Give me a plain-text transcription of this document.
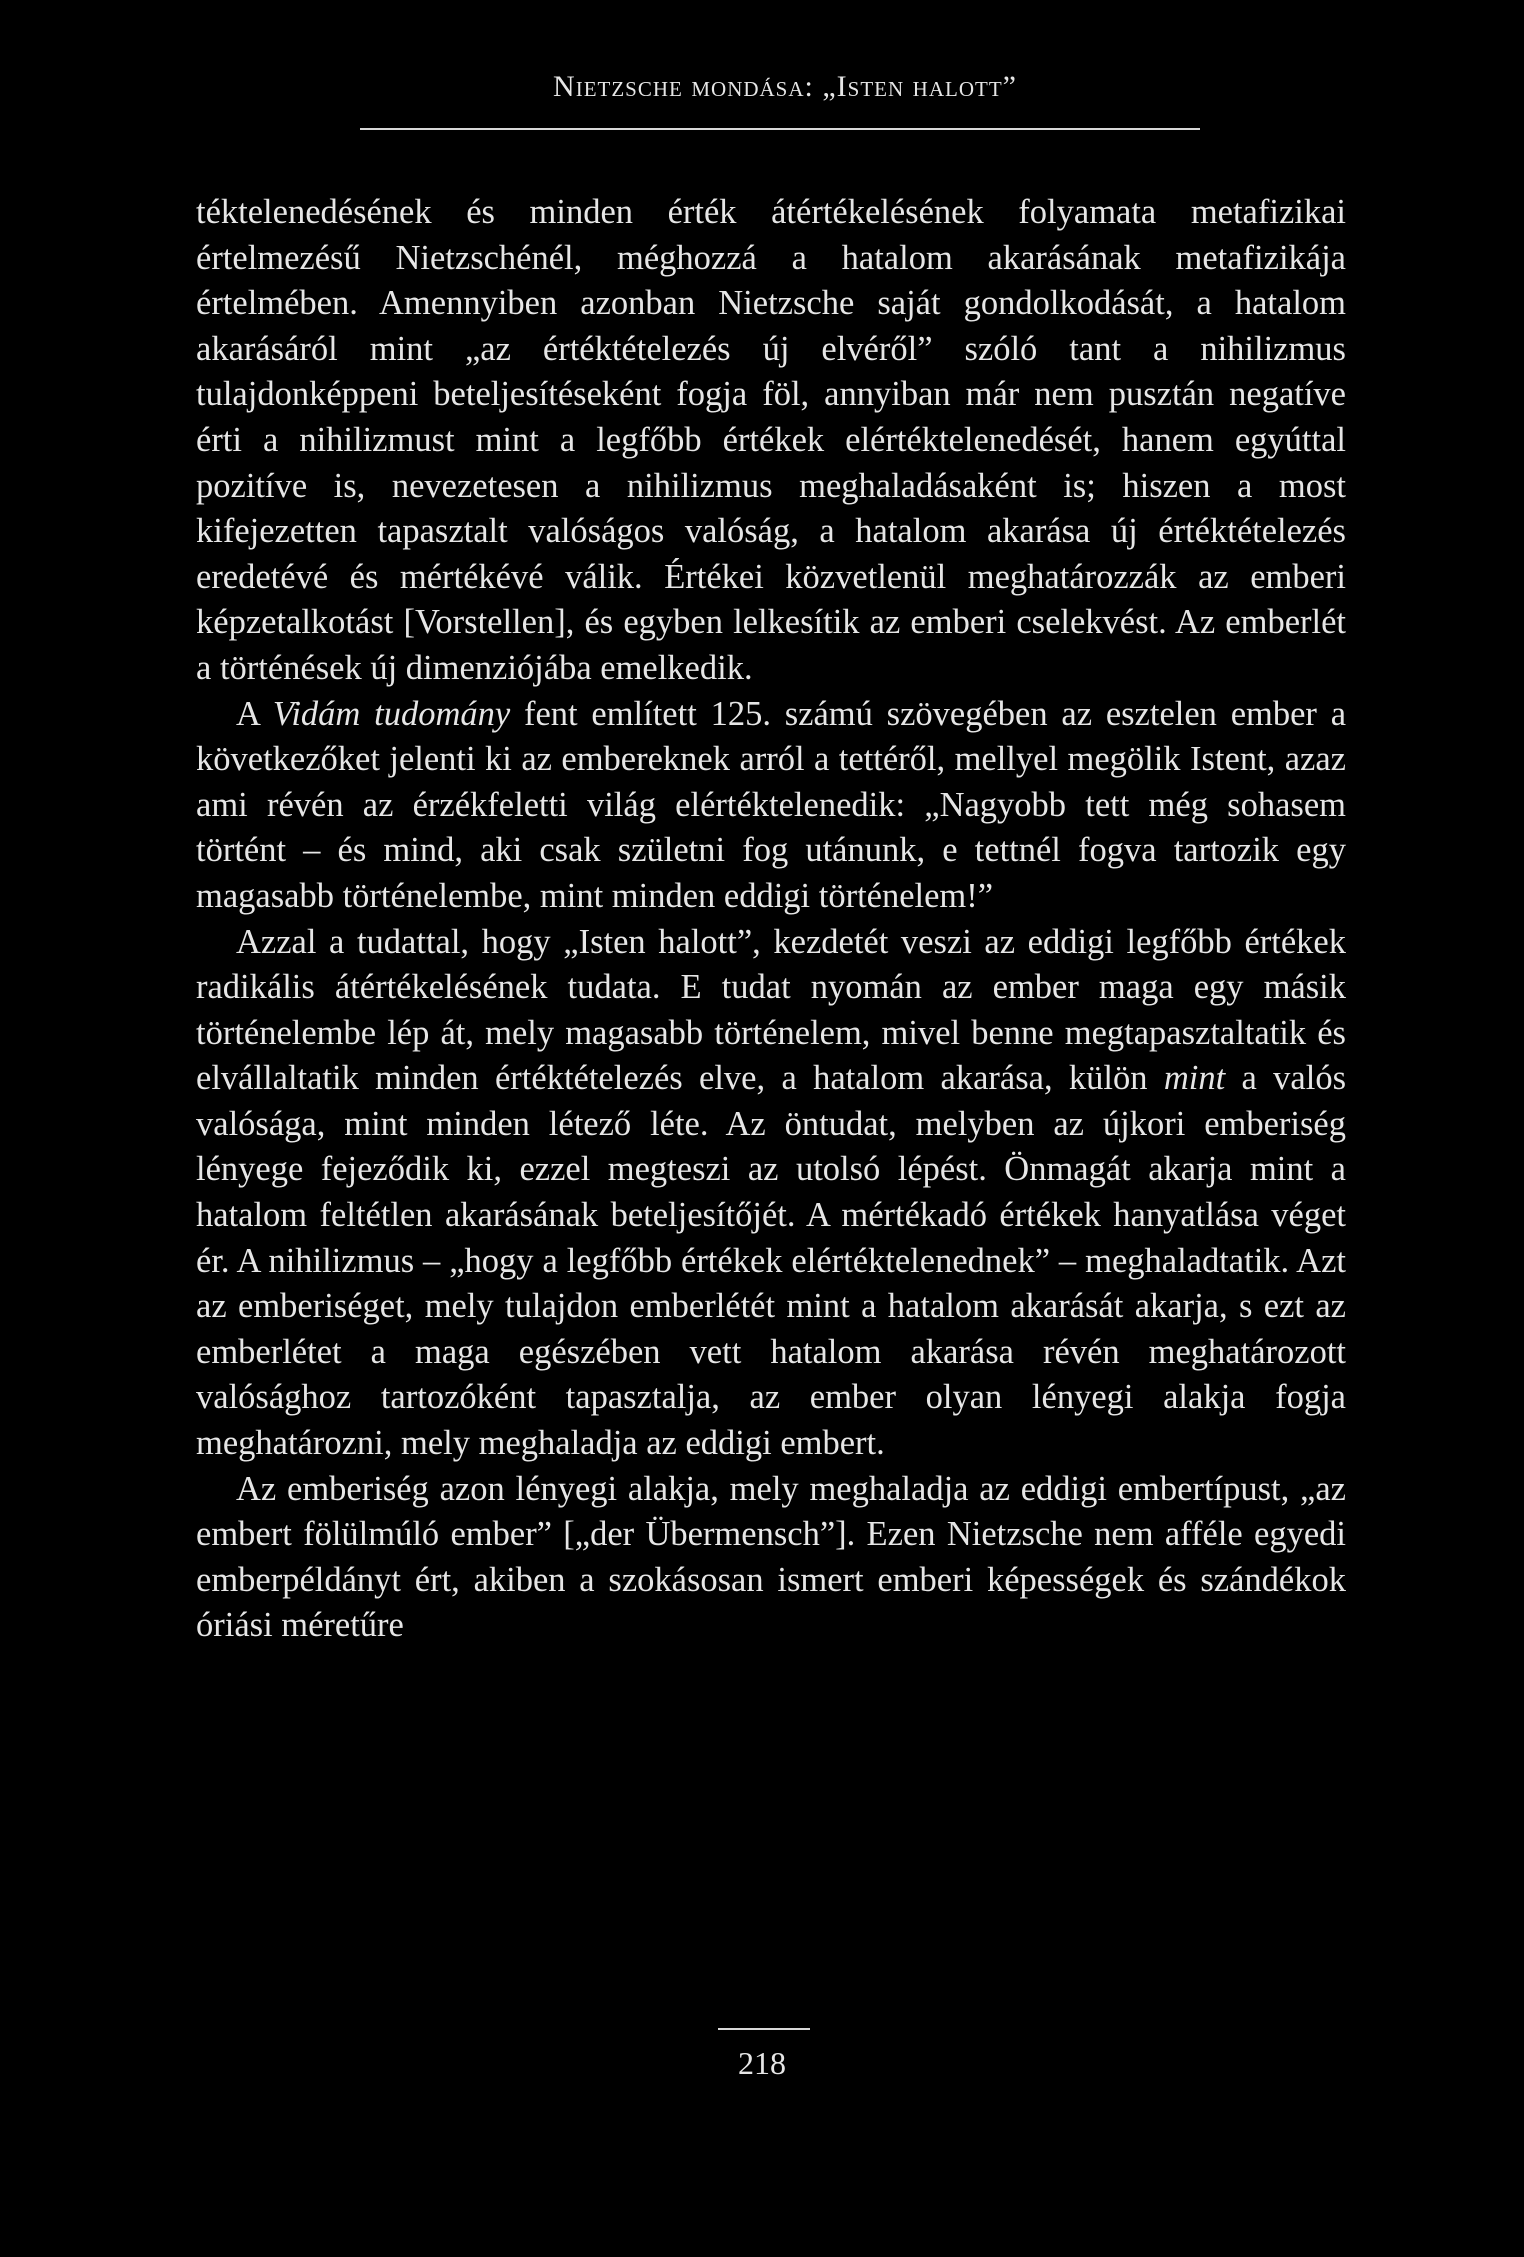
Nietzsche mondása: „Isten halott”

téktelenedésének és minden érték átértékelésének folyamata metafizikai értelmezésű Nietzschénél, méghozzá a hatalom akarásának metafizikája értelmében. Amennyiben azonban Nietzsche saját gondolkodását, a hatalom akarásáról mint „az értéktételezés új elvéről” szóló tant a nihilizmus tulajdonképpeni beteljesítéseként fogja föl, annyiban már nem pusztán negatíve érti a nihilizmust mint a legfőbb értékek elértéktelenedését, hanem egyúttal pozitíve is, nevezetesen a nihilizmus meghaladásaként is; hiszen a most kifejezetten tapasztalt valóságos valóság, a hatalom akarása új értéktételezés eredetévé és mértékévé válik. Értékei közvetlenül meghatározzák az emberi képzetalkotást [Vorstellen], és egyben lelkesítik az emberi cselekvést. Az emberlét a történések új dimenziójába emelkedik.

A Vidám tudomány fent említett 125. számú szövegében az esztelen ember a következőket jelenti ki az embereknek arról a tettéről, mellyel megölik Istent, azaz ami révén az érzékfeletti világ elértéktelenedik: „Nagyobb tett még sohasem történt – és mind, aki csak születni fog utánunk, e tettnél fogva tartozik egy magasabb történelembe, mint minden eddigi történelem!”

Azzal a tudattal, hogy „Isten halott”, kezdetét veszi az eddigi legfőbb értékek radikális átértékelésének tudata. E tudat nyomán az ember maga egy másik történelembe lép át, mely magasabb történelem, mivel benne megtapasztaltatik és elvállaltatik minden értéktételezés elve, a hatalom akarása, külön mint a valós valósága, mint minden létező léte. Az öntudat, melyben az újkori emberiség lényege fejeződik ki, ezzel megteszi az utolsó lépést. Önmagát akarja mint a hatalom feltétlen akarásának beteljesítőjét. A mértékadó értékek hanyatlása véget ér. A nihilizmus – „hogy a legfőbb értékek elértéktelenednek” – meghaladtatik. Azt az emberiséget, mely tulajdon emberlétét mint a hatalom akarását akarja, s ezt az emberlétet a maga egészében vett hatalom akarása révén meghatározott valósághoz tartozóként tapasztalja, az ember olyan lényegi alakja fogja meghatározni, mely meghaladja az eddigi embert.

Az emberiség azon lényegi alakja, mely meghaladja az eddigi embertípust, „az embert fölülmúló ember” [„der Übermensch”]. Ezen Nietzsche nem afféle egyedi emberpéldányt ért, akiben a szokásosan ismert emberi képességek és szándékok óriási méretűre

218
